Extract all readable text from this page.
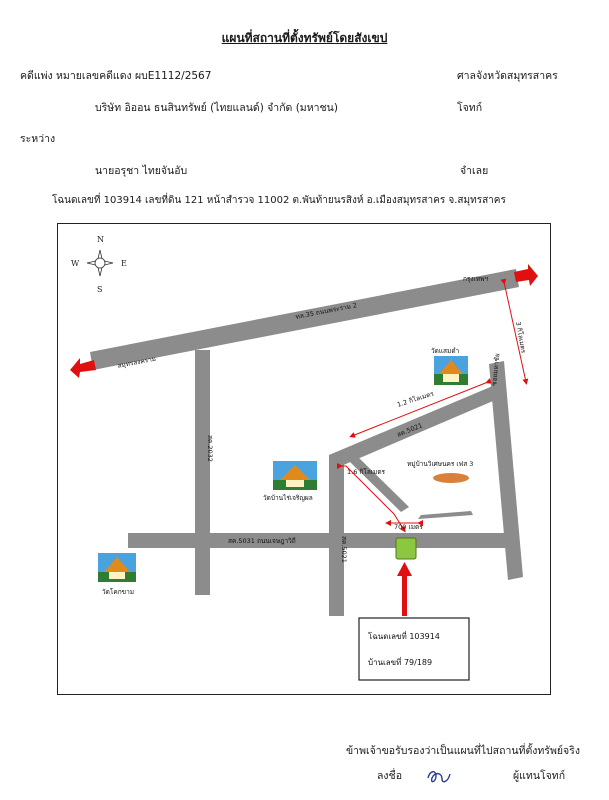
แผนที่สถานที่ตั้งทรัพย์โดยสังเขป
คดีแพ่ง หมายเลขคดีแดง ผบE1112/2567	ศาลจังหวัดสมุทรสาคร
บริษัท อิออน ธนสินทรัพย์ (ไทยแลนด์) จำกัด (มหาชน)	โจทก์
ระหว่าง
นายอรุชา ไทยจันอับ	จำเลย
โฉนดเลขที่ 103914 เลขที่ดิน 121 หน้าสำรวจ 11002 ต.พันท้ายนรสิงห์ อ.เมืองสมุทรสาคร จ.สมุทรสาคร
N
S
W	E
ทล.35 ถนนพระราม 2
สค.2032
สค.5031 ถนนเจษฎาวิถี	สค.5021
สค.5021
ซอยมหาชัย
กรุงเทพฯ
สมุทรสงคราม
1.2 กิโลเมตร
1.6 กิโลเมตร
700 เมตร
3 กิโลเมตร
วัดแสมดำ
วัดบ้านไร่เจริญผล
วัดโคกขาม
หมู่บ้านวิเศษนคร เฟส 3
โฉนดเลขที่ 103914
บ้านเลขที่ 79/189
ข้าพเจ้าขอรับรองว่าเป็นแผนที่ไปสถานที่ตั้งทรัพย์จริง
ลงชื่อ	ผู้แทนโจทก์
